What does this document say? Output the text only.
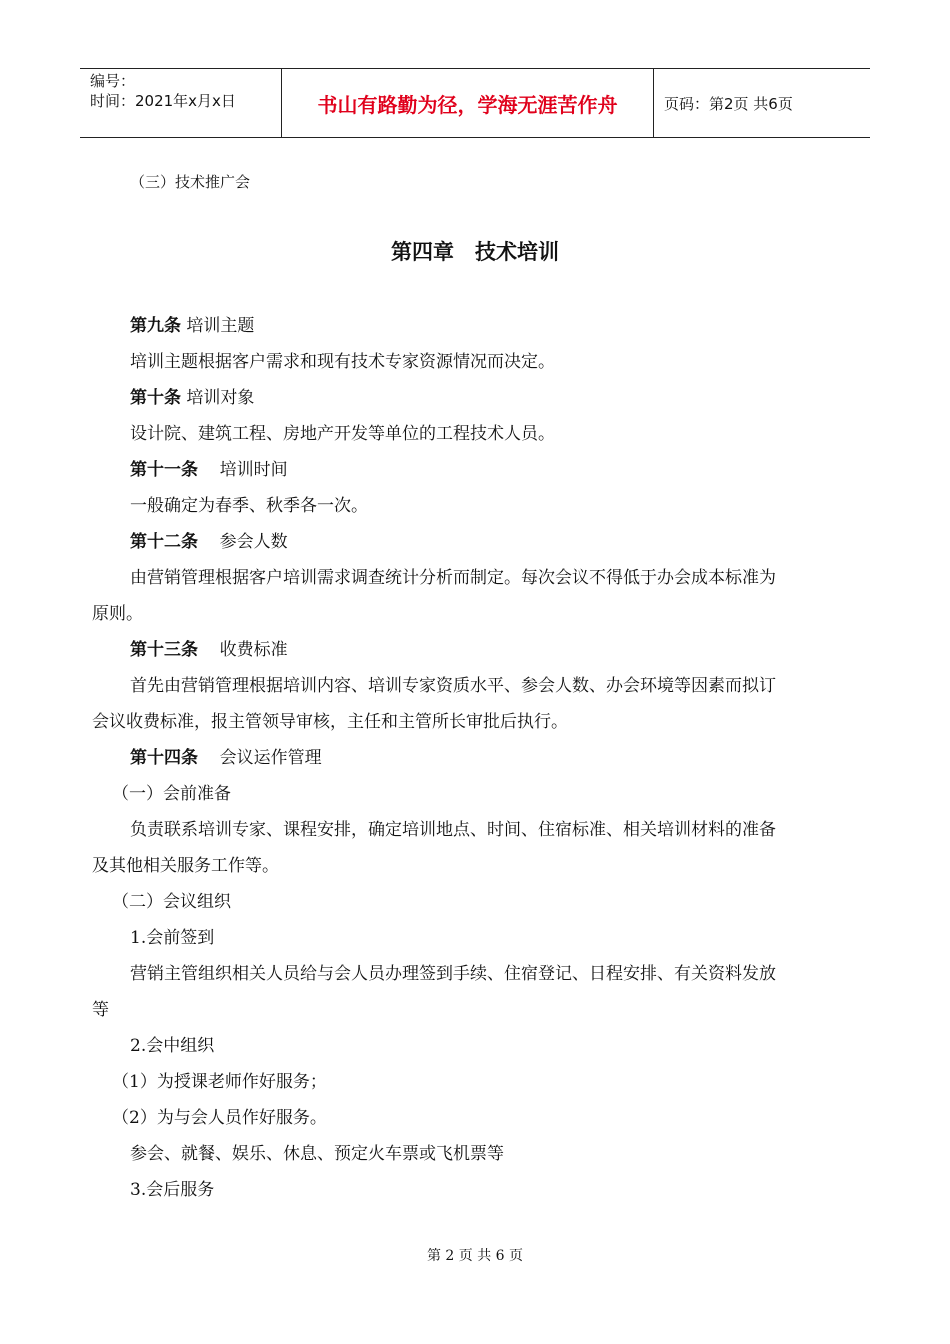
编号：
时间：2021年x月x日	书山有路勤为径，学海无涯苦作舟	页码：第2页 共6页
（三）技术推广会
第四章　技术培训
第九条 培训主题
培训主题根据客户需求和现有技术专家资源情况而决定。
第十条 培训对象
设计院、建筑工程、房地产开发等单位的工程技术人员。
第十一条 培训时间
一般确定为春季、秋季各一次。
第十二条 参会人数
由营销管理根据客户培训需求调查统计分析而制定。每次会议不得低于办会成本标准为
原则。
第十三条 收费标准
首先由营销管理根据培训内容、培训专家资质水平、参会人数、办会环境等因素而拟订
会议收费标准，报主管领导审核，主任和主管所长审批后执行。
第十四条 会议运作管理
（一）会前准备
负责联系培训专家、课程安排，确定培训地点、时间、住宿标准、相关培训材料的准备
及其他相关服务工作等。
（二）会议组织
1.会前签到
营销主管组织相关人员给与会人员办理签到手续、住宿登记、日程安排、有关资料发放
等
2.会中组织
（1）为授课老师作好服务；
（2）为与会人员作好服务。
参会、就餐、娱乐、休息、预定火车票或飞机票等
3.会后服务
第 2 页 共 6 页
